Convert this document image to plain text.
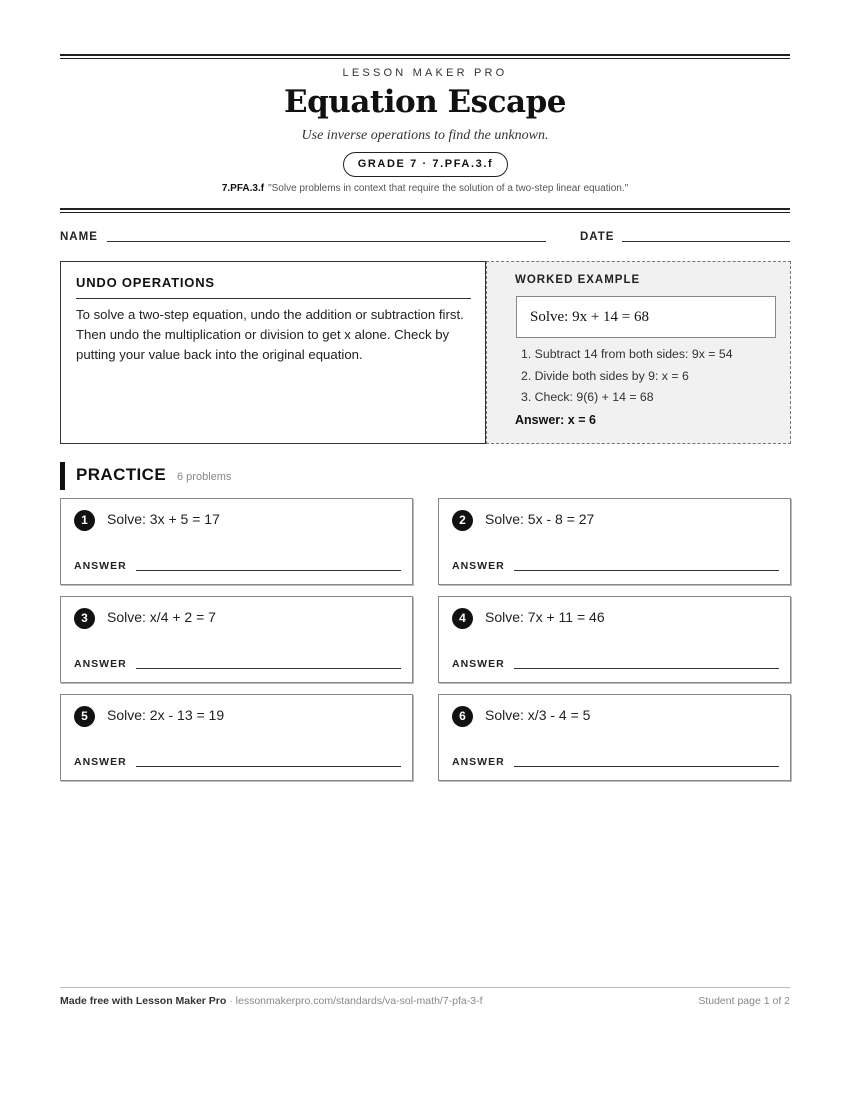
LESSON MAKER PRO
Equation Escape
Use inverse operations to find the unknown.
GRADE 7 · 7.PFA.3.f
7.PFA.3.f "Solve problems in context that require the solution of a two-step linear equation."
NAME	DATE
UNDO OPERATIONS
To solve a two-step equation, undo the addition or subtraction first. Then undo the multiplication or division to get x alone. Check by putting your value back into the original equation.
WORKED EXAMPLE
Solve: 9x + 14 = 68
1. Subtract 14 from both sides: 9x = 54
2. Divide both sides by 9: x = 6
3. Check: 9(6) + 14 = 68
Answer: x = 6
PRACTICE 6 problems
1	Solve: 3x + 5 = 17
ANSWER
2	Solve: 5x - 8 = 27
ANSWER
3	Solve: x/4 + 2 = 7
ANSWER
4	Solve: 7x + 11 = 46
ANSWER
5	Solve: 2x - 13 = 19
ANSWER
6	Solve: x/3 - 4 = 5
ANSWER
Made free with Lesson Maker Pro · lessonmakerpro.com/standards/va-sol-math/7-pfa-3-f	Student page 1 of 2
